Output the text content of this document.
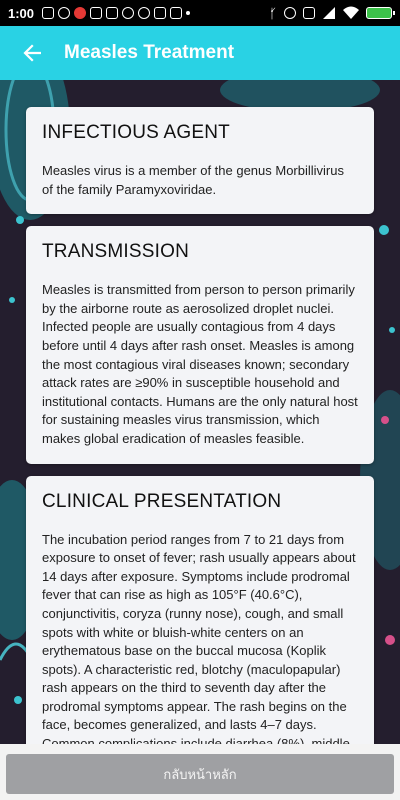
1:00	ᚶ
Measles Treatment
INFECTIOUS AGENT

Measles virus is a member of the genus Morbillivirus of the family Paramyxoviridae.

TRANSMISSION

Measles is transmitted from person to person primarily by the airborne route as aerosolized droplet nuclei. Infected people are usually contagious from 4 days before until 4 days after rash onset. Measles is among the most contagious viral diseases known; secondary attack rates are ≥90% in susceptible household and institutional contacts. Humans are the only natural host for sustaining measles virus transmission, which makes global eradication of measles feasible.

CLINICAL PRESENTATION

The incubation period ranges from 7 to 21 days from exposure to onset of fever; rash usually appears about 14 days after exposure. Symptoms include prodromal fever that can rise as high as 105°F (40.6°C), conjunctivitis, coryza (runny nose), cough, and small spots with white or bluish-white centers on an erythematous base on the buccal mucosa (Koplik spots). A characteristic red, blotchy (maculopapular) rash appears on the third to seventh day after the prodromal symptoms appear. The rash begins on the face, becomes generalized, and lasts 4–7 days.

กลับหน้าหลัก
